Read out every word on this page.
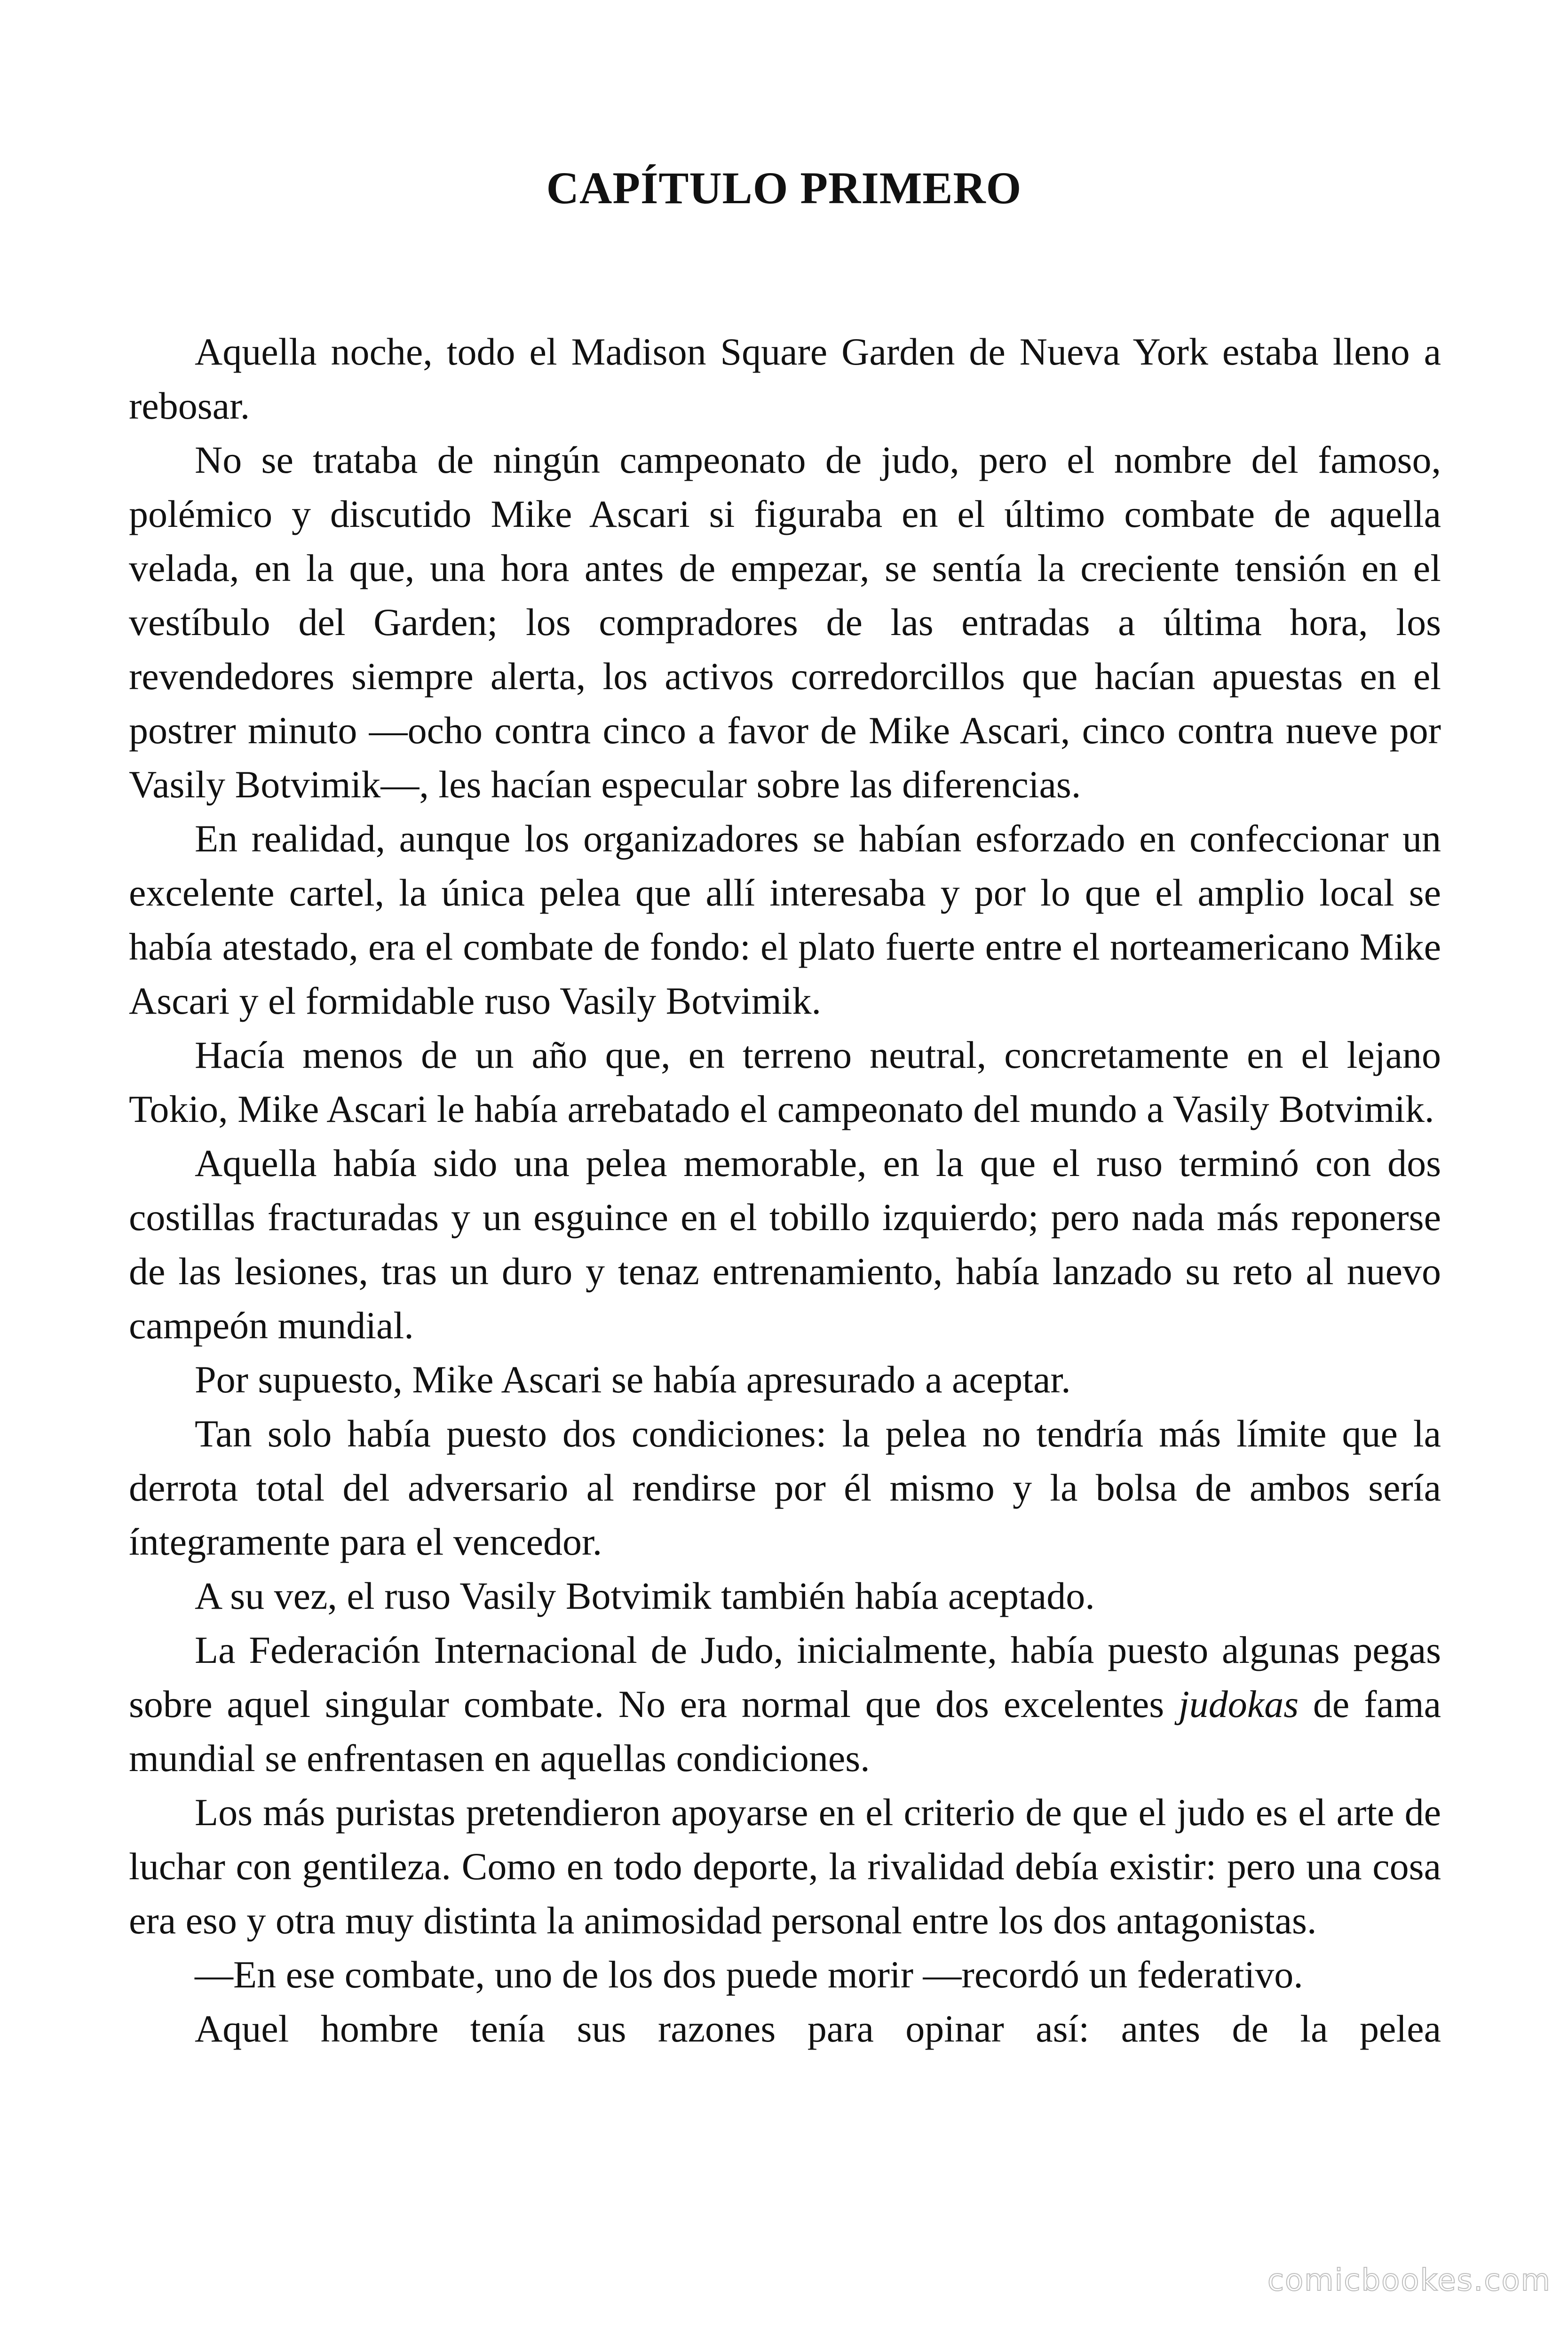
CAPÍTULO PRIMERO

Aquella noche, todo el Madison Square Garden de Nueva York estaba lleno a rebosar.

No se trataba de ningún campeonato de judo, pero el nombre del famoso, polémico y discutido Mike Ascari si figuraba en el último combate de aquella velada, en la que, una hora antes de empezar, se sentía la creciente tensión en el vestíbulo del Garden; los compradores de las entradas a última hora, los revendedores siempre alerta, los activos corredorcillos que hacían apuestas en el postrer minuto —ocho contra cinco a favor de Mike Ascari, cinco contra nueve por Vasily Botvimik—, les hacían especular sobre las diferencias.

En realidad, aunque los organizadores se habían esforzado en confeccionar un excelente cartel, la única pelea que allí interesaba y por lo que el amplio local se había atestado, era el combate de fondo: el plato fuerte entre el norteamericano Mike Ascari y el formidable ruso Vasily Botvimik.

Hacía menos de un año que, en terreno neutral, concretamente en el lejano Tokio, Mike Ascari le había arrebatado el campeonato del mundo a Vasily Botvimik.

Aquella había sido una pelea memorable, en la que el ruso terminó con dos costillas fracturadas y un esguince en el tobillo izquierdo; pero nada más reponerse de las lesiones, tras un duro y tenaz entrenamiento, había lanzado su reto al nuevo campeón mundial.

Por supuesto, Mike Ascari se había apresurado a aceptar.

Tan solo había puesto dos condiciones: la pelea no tendría más límite que la derrota total del adversario al rendirse por él mismo y la bolsa de ambos sería íntegramente para el vencedor.

A su vez, el ruso Vasily Botvimik también había aceptado.

La Federación Internacional de Judo, inicialmente, había puesto algunas pegas sobre aquel singular combate. No era normal que dos excelentes judokas de fama mundial se enfrentasen en aquellas condiciones.

Los más puristas pretendieron apoyarse en el criterio de que el judo es el arte de luchar con gentileza. Como en todo deporte, la rivalidad debía existir: pero una cosa era eso y otra muy distinta la animosidad personal entre los dos antagonistas.

—En ese combate, uno de los dos puede morir —recordó un federativo.

Aquel hombre tenía sus razones para opinar así: antes de la pelea

comicbookes.com
